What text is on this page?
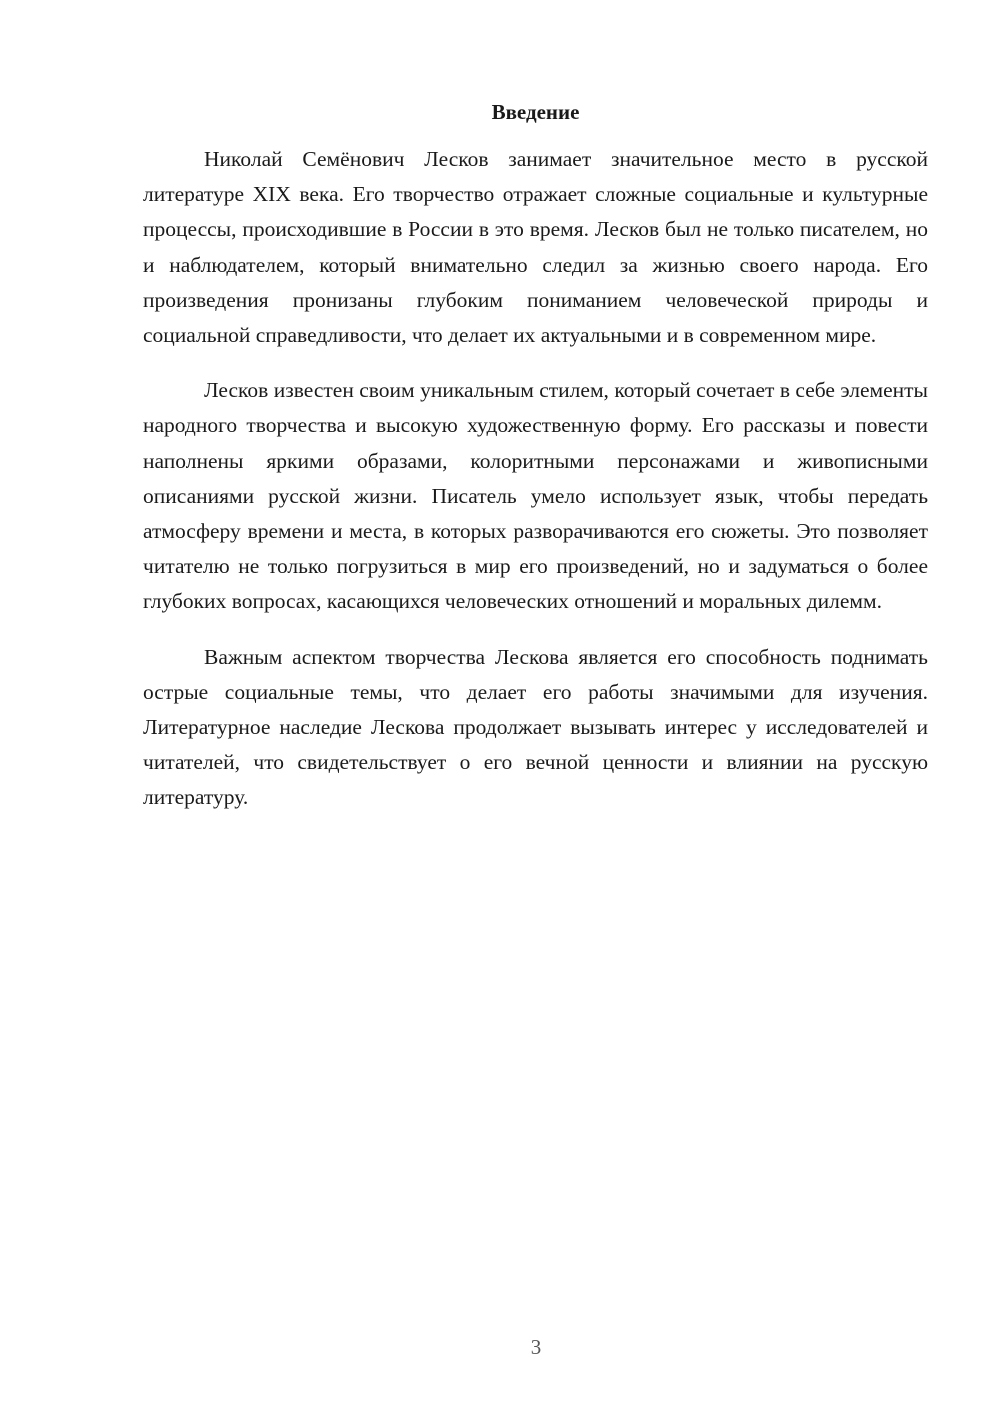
Введение

Николай Семёнович Лесков занимает значительное место в русской литературе XIX века. Его творчество отражает сложные социальные и культурные процессы, происходившие в России в это время. Лесков был не только писателем, но и наблюдателем, который внимательно следил за жизнью своего народа. Его произведения пронизаны глубоким пониманием человеческой природы и социальной справедливости, что делает их актуальными и в современном мире.

Лесков известен своим уникальным стилем, который сочетает в себе элементы народного творчества и высокую художественную форму. Его рассказы и повести наполнены яркими образами, колоритными персонажами и живописными описаниями русской жизни. Писатель умело использует язык, чтобы передать атмосферу времени и места, в которых разворачиваются его сюжеты. Это позволяет читателю не только погрузиться в мир его произведений, но и задуматься о более глубоких вопросах, касающихся человеческих отношений и моральных дилемм.

Важным аспектом творчества Лескова является его способность поднимать острые социальные темы, что делает его работы значимыми для изучения. Литературное наследие Лескова продолжает вызывать интерес у исследователей и читателей, что свидетельствует о его вечной ценности и влиянии на русскую литературу.

3
